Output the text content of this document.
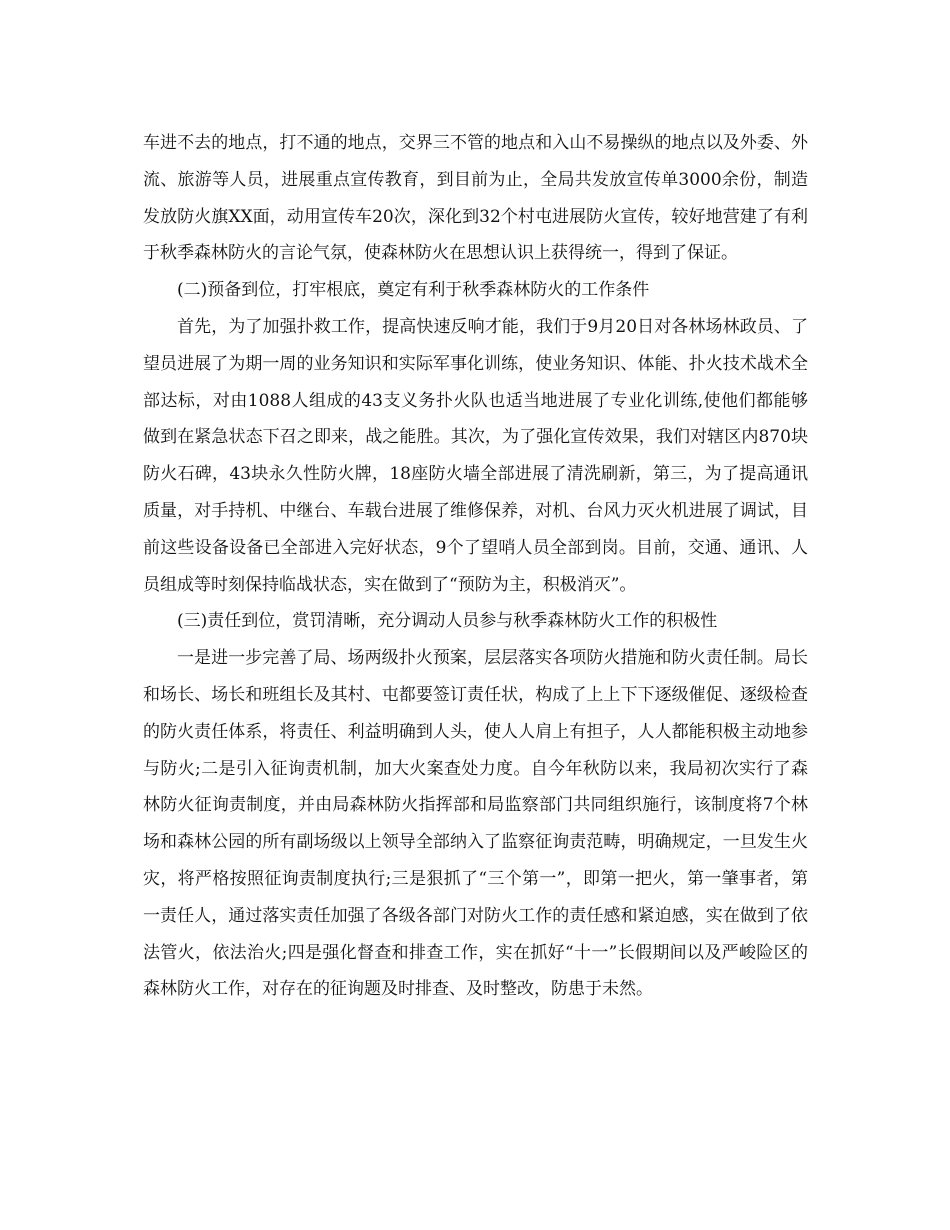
车进不去的地点，打不通的地点，交界三不管的地点和入山不易操纵的地点以及外委、外流、旅游等人员，进展重点宣传教育，到目前为止，全局共发放宣传单3000余份，制造发放防火旗XX面，动用宣传车20次，深化到32个村屯进展防火宣传，较好地营建了有利于秋季森林防火的言论气氛，使森林防火在思想认识上获得统一，得到了保证。

(二)预备到位，打牢根底，奠定有利于秋季森林防火的工作条件

首先，为了加强扑救工作，提高快速反响才能，我们于9月20日对各林场林政员、了望员进展了为期一周的业务知识和实际军事化训练，使业务知识、体能、扑火技术战术全部达标，对由1088人组成的43支义务扑火队也适当地进展了专业化训练,使他们都能够做到在紧急状态下召之即来，战之能胜。其次，为了强化宣传效果，我们对辖区内870块防火石碑，43块永久性防火牌，18座防火墙全部进展了清洗刷新，第三，为了提高通讯质量，对手持机、中继台、车载台进展了维修保养，对机、台风力灭火机进展了调试，目前这些设备设备已全部进入完好状态，9个了望哨人员全部到岗。目前，交通、通讯、人员组成等时刻保持临战状态，实在做到了“预防为主，积极消灭”。

(三)责任到位，赏罚清晰，充分调动人员参与秋季森林防火工作的积极性

一是进一步完善了局、场两级扑火预案，层层落实各项防火措施和防火责任制。局长和场长、场长和班组长及其村、屯都要签订责任状，构成了上上下下逐级催促、逐级检查的防火责任体系，将责任、利益明确到人头，使人人肩上有担子，人人都能积极主动地参与防火;二是引入征询责机制，加大火案查处力度。自今年秋防以来，我局初次实行了森林防火征询责制度，并由局森林防火指挥部和局监察部门共同组织施行，该制度将7个林场和森林公园的所有副场级以上领导全部纳入了监察征询责范畴，明确规定，一旦发生火灾，将严格按照征询责制度执行;三是狠抓了“三个第一”，即第一把火，第一肇事者，第一责任人，通过落实责任加强了各级各部门对防火工作的责任感和紧迫感，实在做到了依法管火，依法治火;四是强化督查和排查工作，实在抓好“十一”长假期间以及严峻险区的森林防火工作，对存在的征询题及时排查、及时整改，防患于未然。
